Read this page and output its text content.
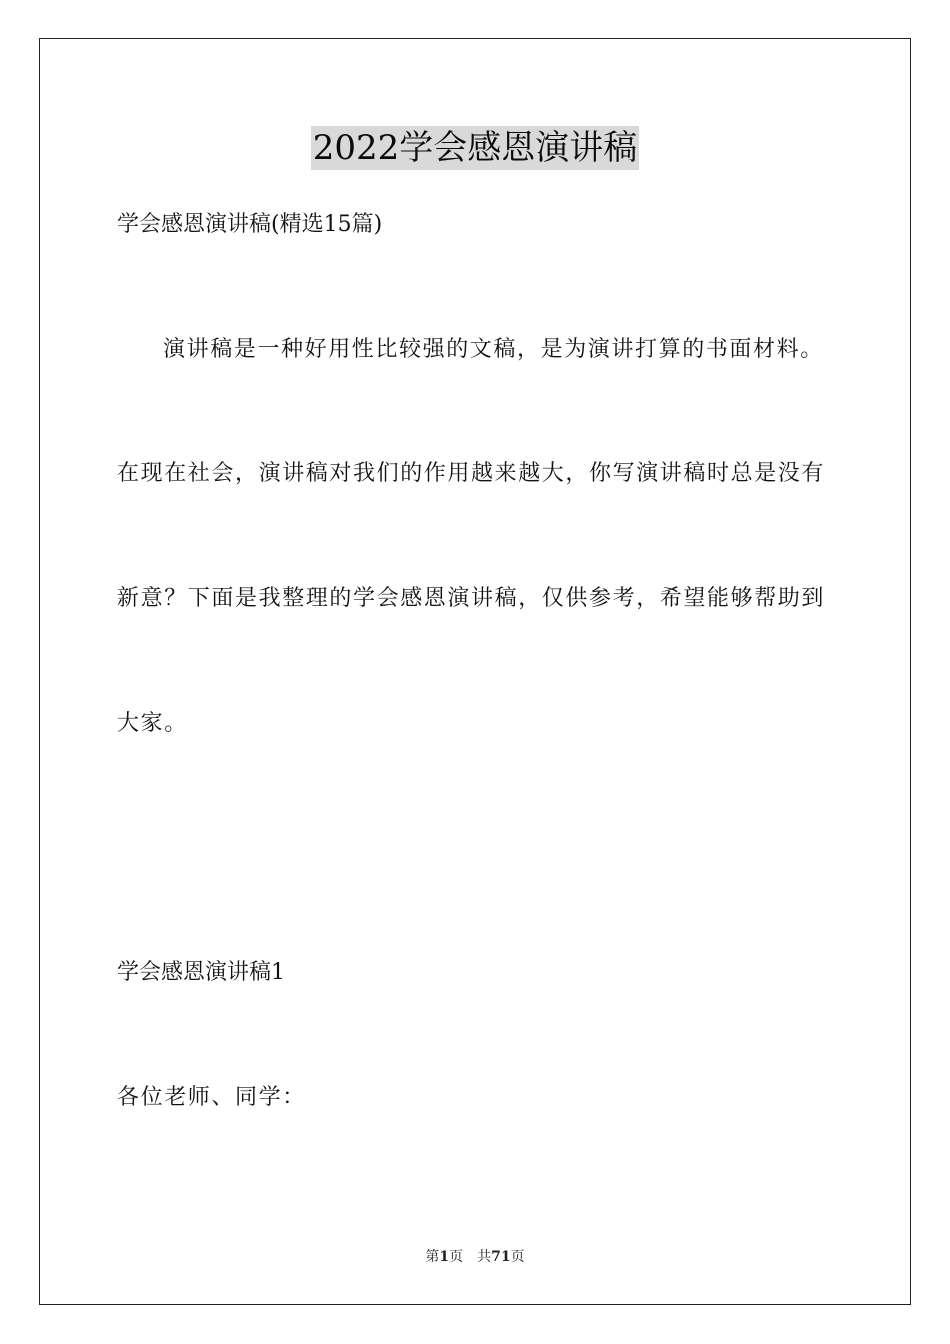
2022学会感恩演讲稿
学会感恩演讲稿(精选15篇)
演讲稿是一种好用性比较强的文稿，是为演讲打算的书面材料。
在现在社会，演讲稿对我们的作用越来越大，你写演讲稿时总是没有
新意？下面是我整理的学会感恩演讲稿，仅供参考，希望能够帮助到
大家。
学会感恩演讲稿1
各位老师、同学：
第1页 共71页
